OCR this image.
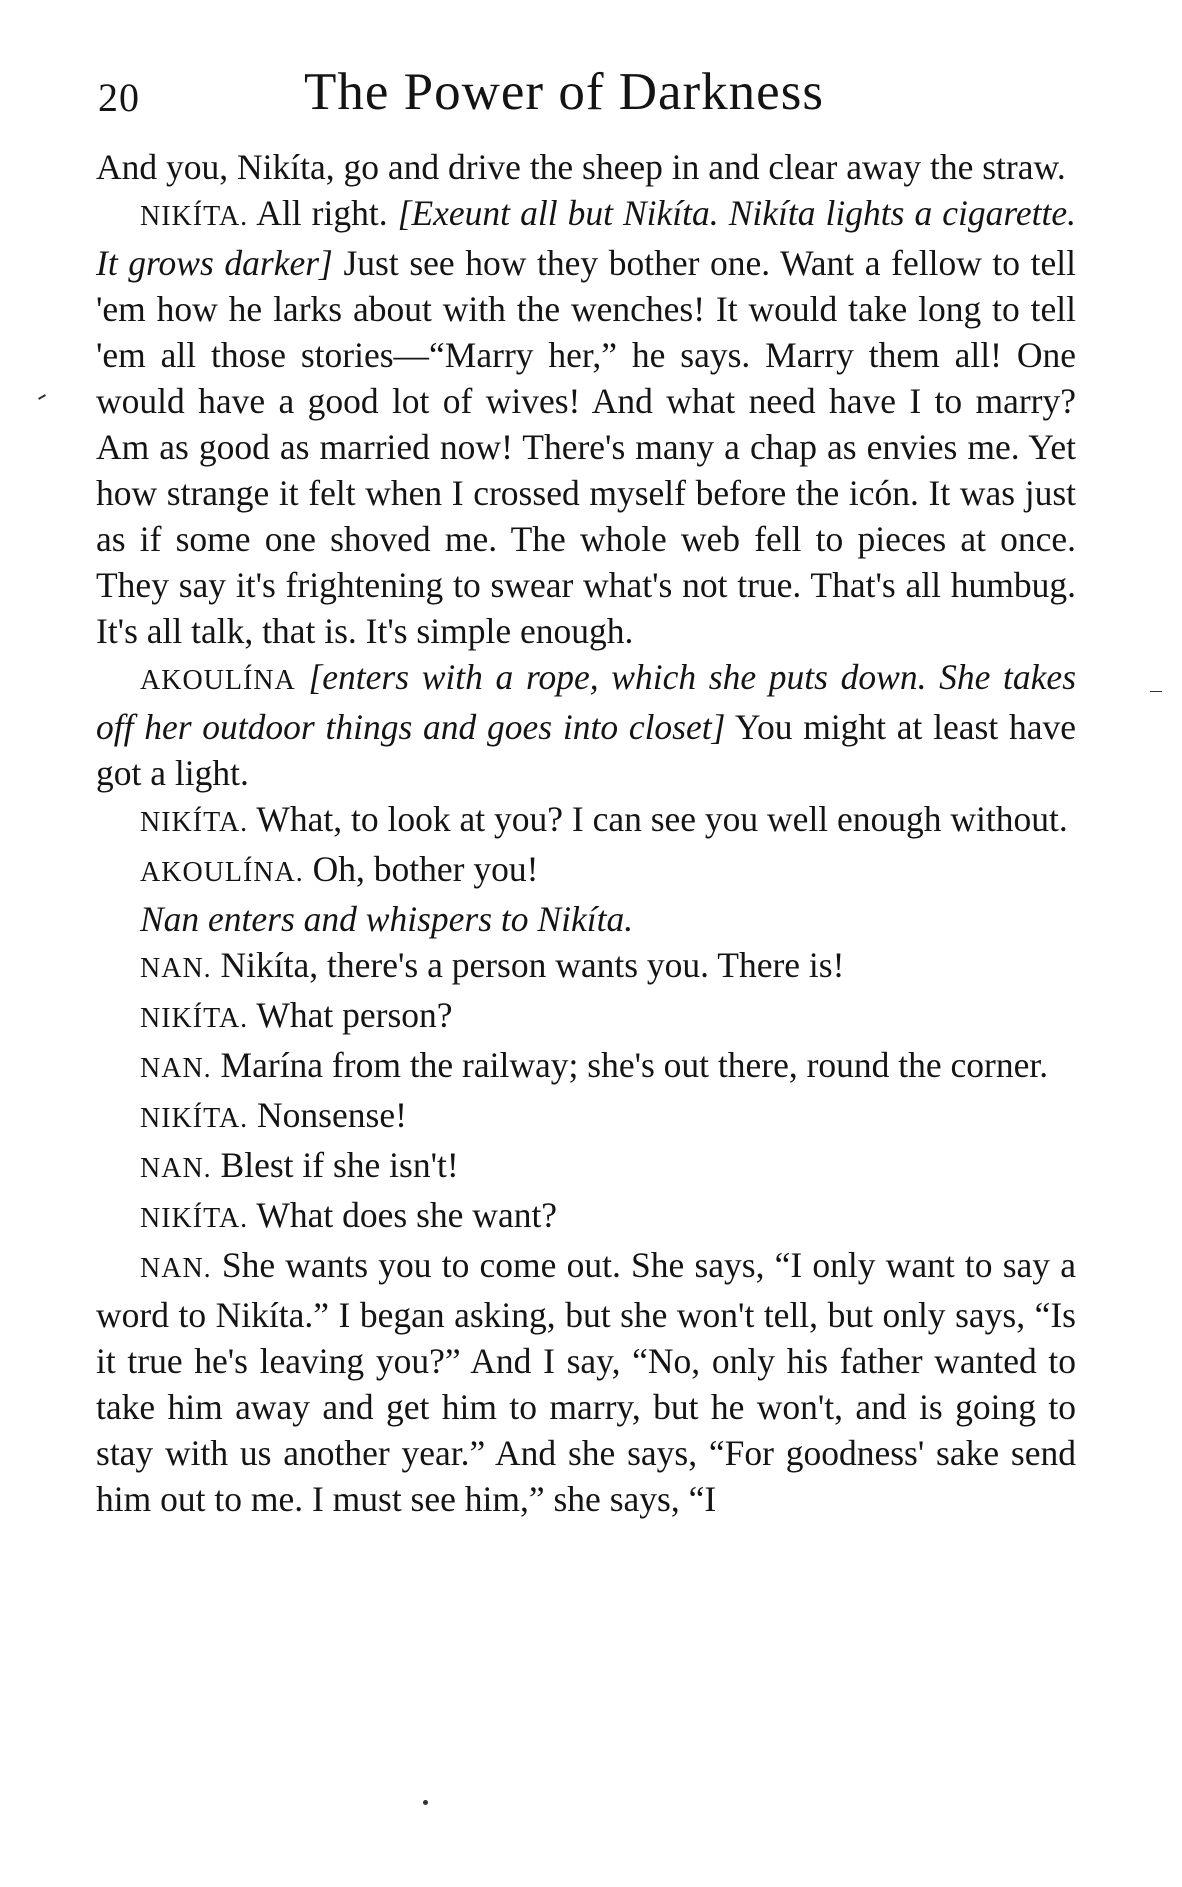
20	The Power of Darkness

And you, Nikíta, go and drive the sheep in and clear away the straw.

NIKÍTA. All right. [Exeunt all but Nikíta. Nikíta lights a cigarette. It grows darker] Just see how they bother one. Want a fellow to tell 'em how he larks about with the wenches! It would take long to tell 'em all those stories—“Marry her,” he says. Marry them all! One would have a good lot of wives! And what need have I to marry? Am as good as married now! There's many a chap as envies me. Yet how strange it felt when I crossed myself before the icón. It was just as if some one shoved me. The whole web fell to pieces at once. They say it's frightening to swear what's not true. That's all humbug. It's all talk, that is. It's simple enough.

AKOULÍNA [enters with a rope, which she puts down. She takes off her outdoor things and goes into closet] You might at least have got a light.

NIKÍTA. What, to look at you? I can see you well enough without.

AKOULÍNA. Oh, bother you!

Nan enters and whispers to Nikíta.

NAN. Nikíta, there's a person wants you. There is!

NIKÍTA. What person?

NAN. Marína from the railway; she's out there, round the corner.

NIKÍTA. Nonsense!

NAN. Blest if she isn't!

NIKÍTA. What does she want?

NAN. She wants you to come out. She says, “I only want to say a word to Nikíta.” I began asking, but she won't tell, but only says, “Is it true he's leaving you?” And I say, “No, only his father wanted to take him away and get him to marry, but he won't, and is going to stay with us another year.” And she says, “For goodness' sake send him out to me. I must see him,” she says, “I
